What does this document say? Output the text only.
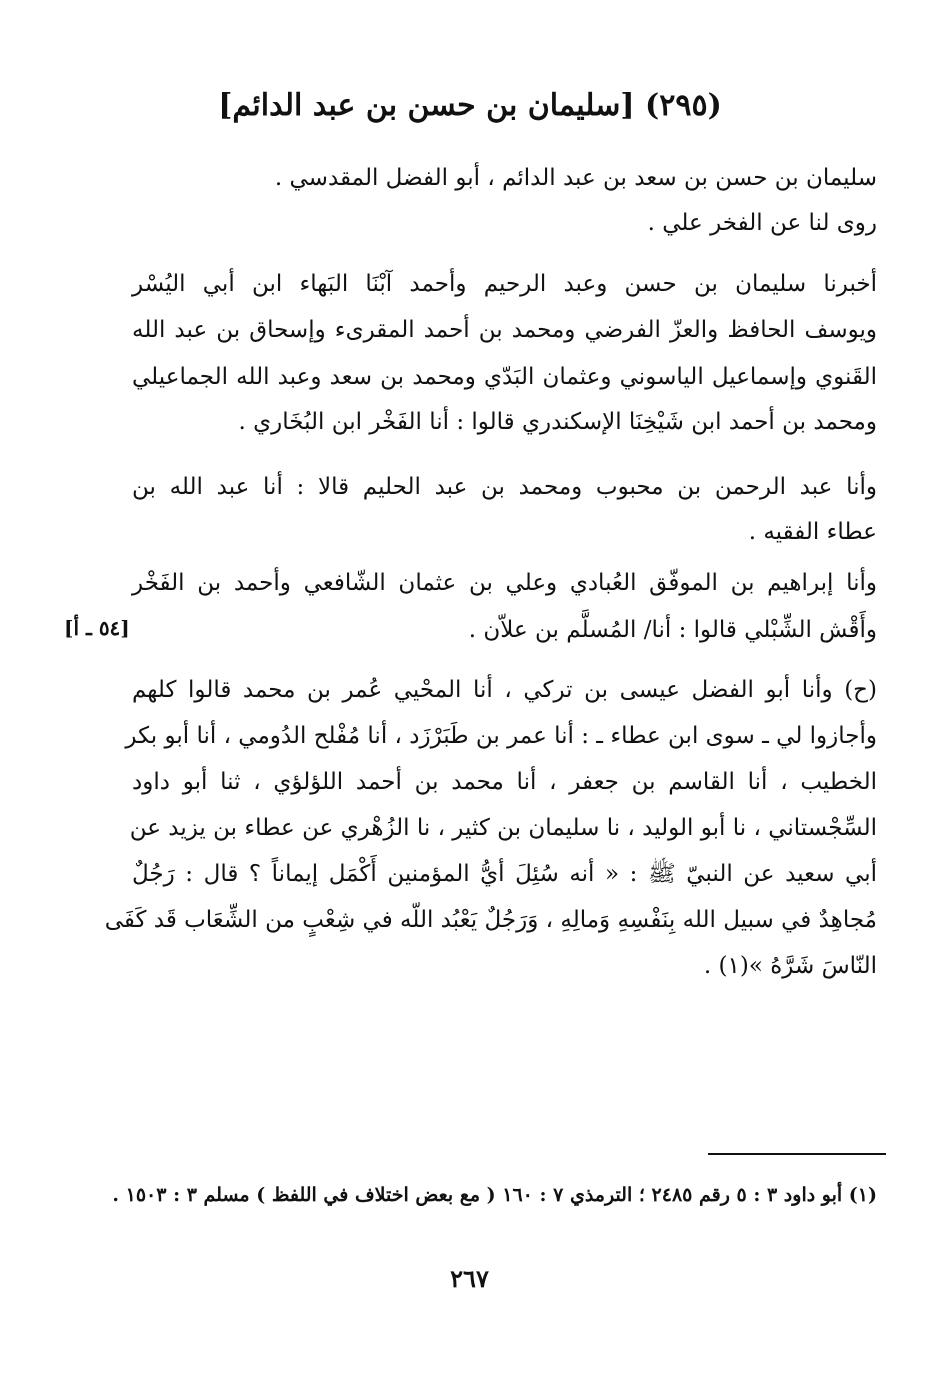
(٢٩٥) [سليمان بن حسن بن عبد الدائم]
سليمان بن حسن بن سعد بن عبد الدائم ، أبو الفضل المقدسي .
روى لنا عن الفخر علي .
أخبرنا سليمان بن حسن وعبد الرحيم وأحمد آبْنَا البَهاء ابن أبي اليُسْر
ويوسف الحافظ والعزّ الفرضي ومحمد بن أحمد المقرىء وإسحاق بن عبد الله
القَنوي وإسماعيل الياسوني وعثمان البَدّي ومحمد بن سعد وعبد الله الجماعيلي
ومحمد بن أحمد ابن شَيْخِنَا الإسكندري قالوا : أنا الفَخْر ابن البُخَاري .
وأنا عبد الرحمن بن محبوب ومحمد بن عبد الحليم قالا : أنا عبد الله بن
عطاء الفقيه .
وأنا إبراهيم بن الموفّق العُبادي وعلي بن عثمان الشّافعي وأحمد بن الفَخْر
وأَقْش الشِّبْلي قالوا : أنا/ المُسلَّم بن علاّن .
[٥٤ ـ أ]
(ح) وأنا أبو الفضل عيسى بن تركي ، أنا المحْيي عُمر بن محمد قالوا كلهم
وأجازوا لي ـ سوى ابن عطاء ـ : أنا عمر بن طَبَرْزَد ، أنا مُفْلح الدُومي ، أنا أبو بكر
الخطيب ، أنا القاسم بن جعفر ، أنا محمد بن أحمد اللؤلؤي ، ثنا أبو داود
السِّجْستاني ، نا أبو الوليد ، نا سليمان بن كثير ، نا الزُهْري عن عطاء بن يزيد عن
أبي سعيد عن النبيّ ﷺ : « أنه سُئِلَ أيُّ المؤمنين أَكْمَل إيماناً ؟ قال : رَجُلٌ
مُجاهِدٌ في سبيل الله بِنَفْسِهِ وَمالِهِ ، وَرَجُلٌ يَعْبُد اللّه في شِعْبٍ من الشِّعَاب قَد كَفَى
النّاسَ شَرَّهُ »(١) .
(١) أبو داود ٣ : ٥ رقم ٢٤٨٥ ؛ الترمذي ٧ : ١٦٠ ( مع بعض اختلاف في اللفظ ) مسلم ٣ : ١٥٠٣ .
٢٦٧
